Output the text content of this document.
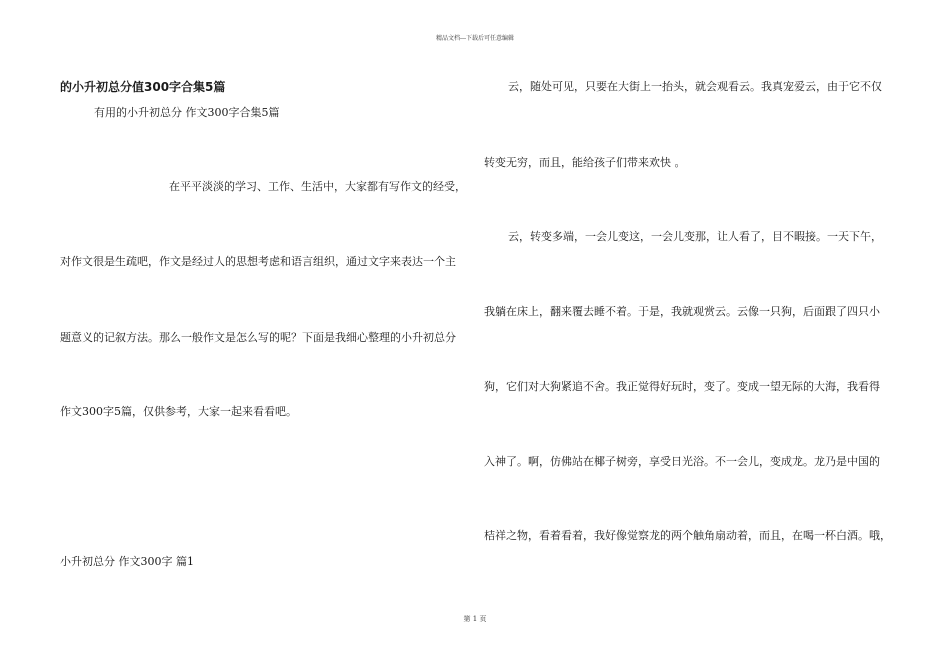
精品文档---下载后可任意编辑
的小升初总分值300字合集5篇
有用的小升初总分 作文300字合集5篇
在平平淡淡的学习、工作、生活中，大家都有写作文的经受，
对作文很是生疏吧，作文是经过人的思想考虑和语言组织，通过文字来表达一个主
题意义的记叙方法。那么一般作文是怎么写的呢？下面是我细心整理的小升初总分
作文300字5篇，仅供参考，大家一起来看看吧。
小升初总分 作文300字 篇1
云，随处可见，只要在大街上一抬头，就会观看云。我真宠爱云，由于它不仅
转变无穷，而且，能给孩子们带来欢快 。
云，转变多端，一会儿变这，一会儿变那，让人看了，目不暇接。一天下午，
我躺在床上，翻来覆去睡不着。于是，我就观赏云。云像一只狗，后面跟了四只小
狗，它们对大狗紧追不舍。我正觉得好玩时，变了。变成一望无际的大海，我看得
入神了。啊，仿佛站在椰子树旁，享受日光浴。不一会儿，变成龙。龙乃是中国的
桔祥之物，看着看着，我好像觉察龙的两个触角扇动着，而且，在喝一杯白酒。哦，
第 1 页
